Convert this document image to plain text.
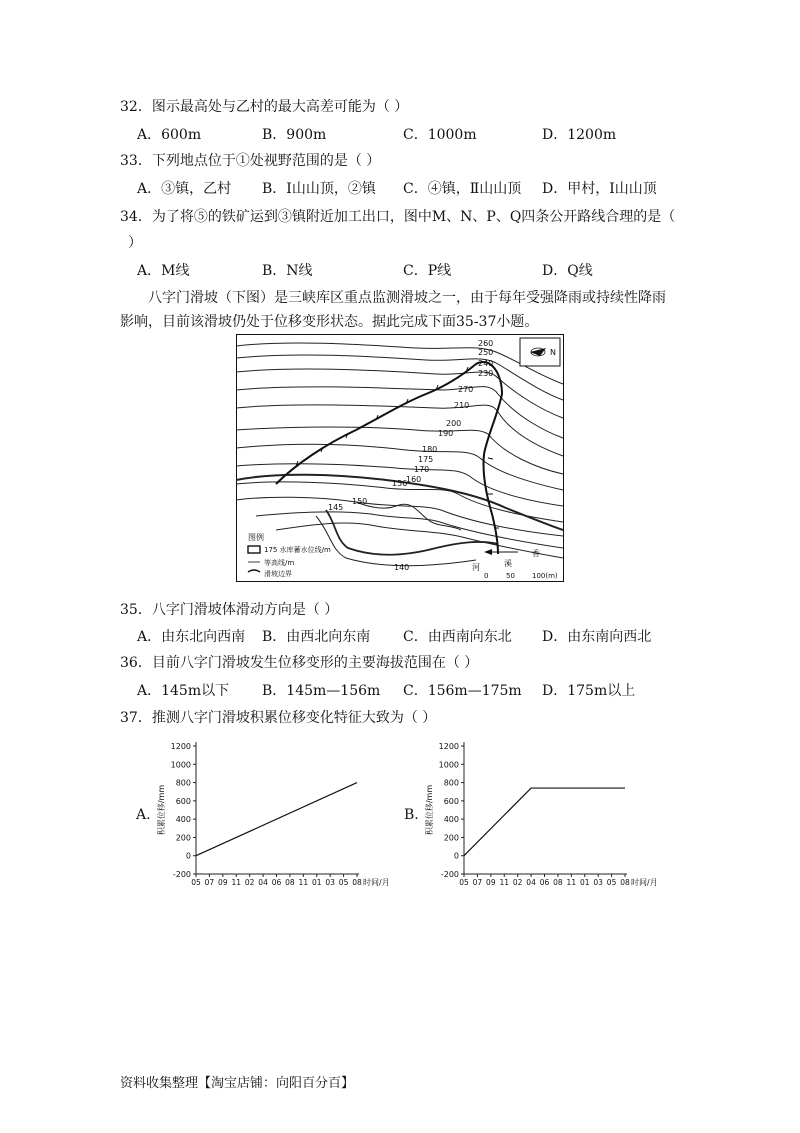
32．图示最高处与乙村的最大高差可能为（ ）
A．600m	B．900m	C．1000m	D．1200m
33．下列地点位于①处视野范围的是（ ）
A．③镇，乙村 B．Ⅰ山山顶，②镇 C．④镇，Ⅱ山山顶 D．甲村，Ⅰ山山顶
34．为了将⑤的铁矿运到③镇附近加工出口，图中M、N、P、Q四条公开路线合理的是（
）
A．M线	B．N线	C．P线	D．Q线
八字门滑坡（下图）是三峡库区重点监测滑坡之一，由于每年受强降雨或持续性降雨
影响，目前该滑坡仍处于位移变形状态。据此完成下面35-37小题。
260
250
240
230
270
210
200
190
180
175
170
160
156
150
145
140
N
图例
175 水库蓄水位线/m
等高线/m
滑坡边界
香
河	溪
0	50 100(m)
35．八字门滑坡体滑动方向是（ ）
A．由东北向西南 B．由西北向东南 C．由西南向东北 D．由东南向西北
36．目前八字门滑坡发生位移变形的主要海拔范围在（ ）
A．145m以下 B．145m—156m C．156m—175m D．175m以上
37．推测八字门滑坡积累位移变化特征大致为（ ）
A.	B.
1200
1000
800
600
400
200
0
-200
05 07 09 11 02 04 06 08 11 01 03 05 08 时间/月
积累位移/mm
1200
1000
800
600
400
200
0
-200
05 07 09 11 02 04 06 08 11 01 03 05 08 时间/月
积累位移/mm
资料收集整理【淘宝店铺：向阳百分百】
